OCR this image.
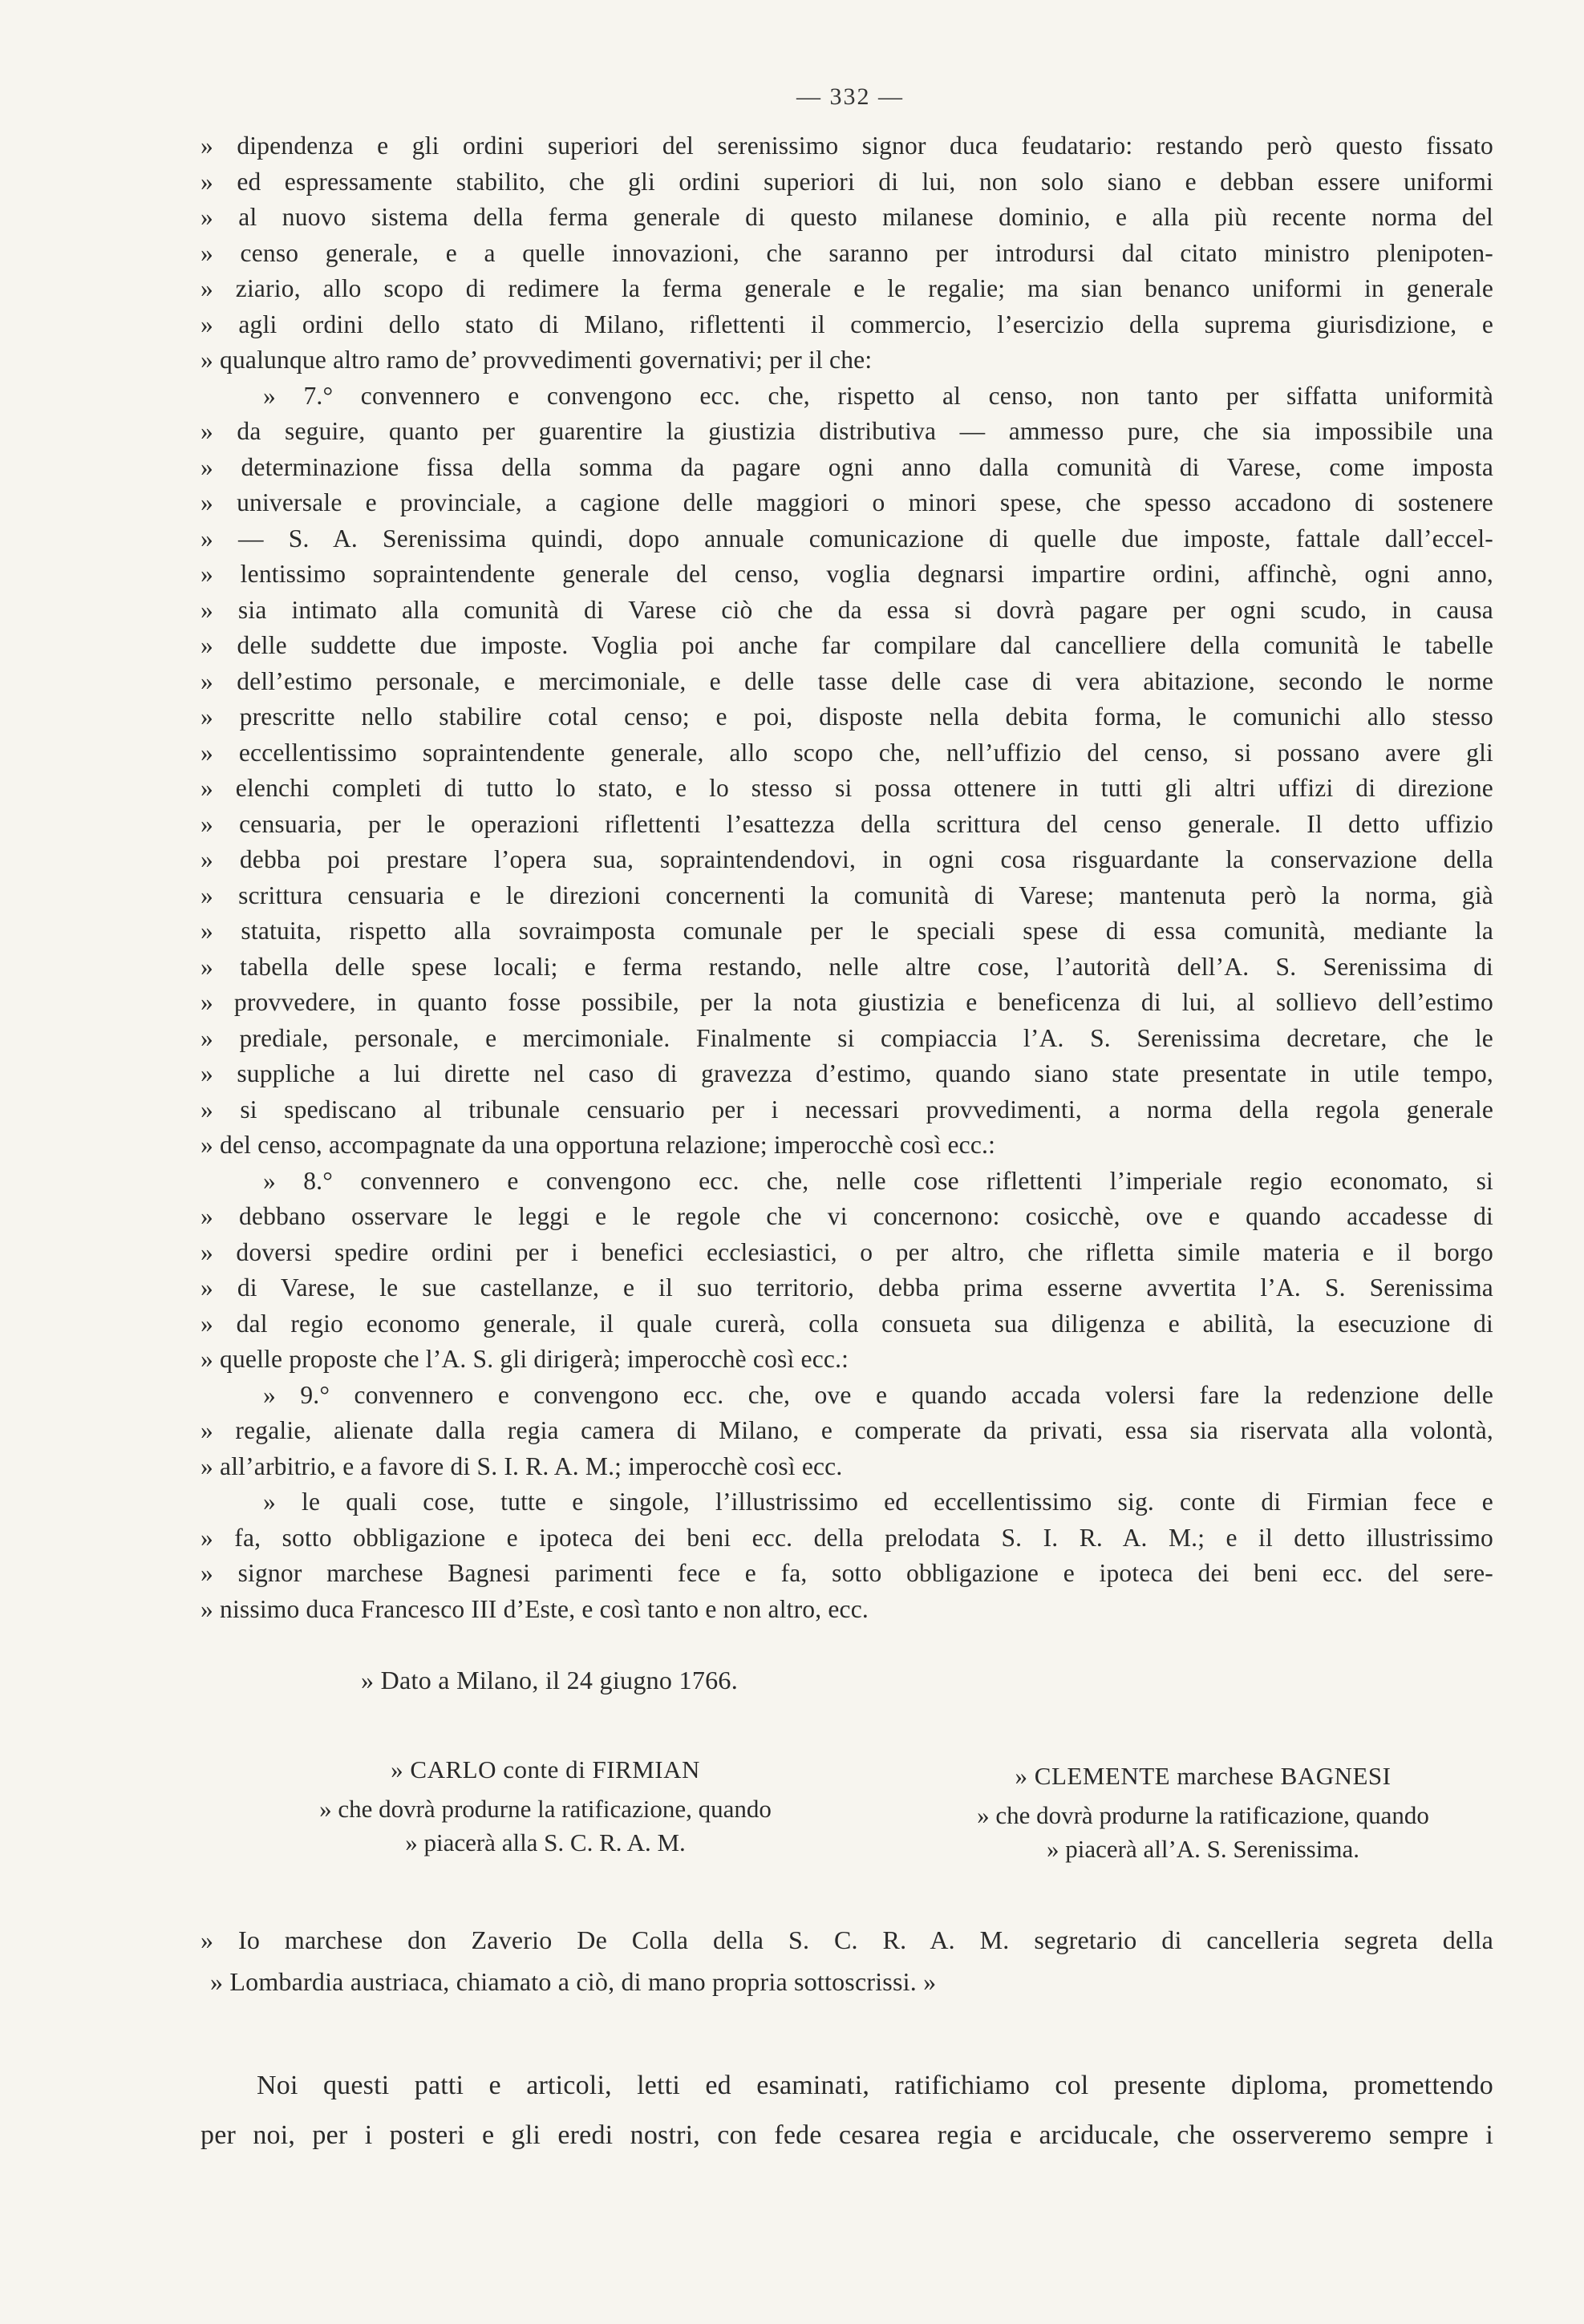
— 332 —
» dipendenza e gli ordini superiori del serenissimo signor duca feudatario: restando però questo fissato
» ed espressamente stabilito, che gli ordini superiori di lui, non solo siano e debban essere uniformi
» al nuovo sistema della ferma generale di questo milanese dominio, e alla più recente norma del
» censo generale, e a quelle innovazioni, che saranno per introdursi dal citato ministro plenipoten-
» ziario, allo scopo di redimere la ferma generale e le regalie; ma sian benanco uniformi in generale
» agli ordini dello stato di Milano, riflettenti il commercio, l’esercizio della suprema giurisdizione, e
» qualunque altro ramo de’ provvedimenti governativi; per il che:
» 7.° convennero e convengono ecc. che, rispetto al censo, non tanto per siffatta uniformità
» da seguire, quanto per guarentire la giustizia distributiva — ammesso pure, che sia impossibile una
» determinazione fissa della somma da pagare ogni anno dalla comunità di Varese, come imposta
» universale e provinciale, a cagione delle maggiori o minori spese, che spesso accadono di sostenere
» — S. A. Serenissima quindi, dopo annuale comunicazione di quelle due imposte, fattale dall’eccel-
» lentissimo sopraintendente generale del censo, voglia degnarsi impartire ordini, affinchè, ogni anno,
» sia intimato alla comunità di Varese ciò che da essa si dovrà pagare per ogni scudo, in causa
» delle suddette due imposte. Voglia poi anche far compilare dal cancelliere della comunità le tabelle
» dell’estimo personale, e mercimoniale, e delle tasse delle case di vera abitazione, secondo le norme
» prescritte nello stabilire cotal censo; e poi, disposte nella debita forma, le comunichi allo stesso
» eccellentissimo sopraintendente generale, allo scopo che, nell’uffizio del censo, si possano avere gli
» elenchi completi di tutto lo stato, e lo stesso si possa ottenere in tutti gli altri uffizi di direzione
» censuaria, per le operazioni riflettenti l’esattezza della scrittura del censo generale. Il detto uffizio
» debba poi prestare l’opera sua, sopraintendendovi, in ogni cosa risguardante la conservazione della
» scrittura censuaria e le direzioni concernenti la comunità di Varese; mantenuta però la norma, già
» statuita, rispetto alla sovraimposta comunale per le speciali spese di essa comunità, mediante la
» tabella delle spese locali; e ferma restando, nelle altre cose, l’autorità dell’A. S. Serenissima di
» provvedere, in quanto fosse possibile, per la nota giustizia e beneficenza di lui, al sollievo dell’estimo
» prediale, personale, e mercimoniale. Finalmente si compiaccia l’A. S. Serenissima decretare, che le
» suppliche a lui dirette nel caso di gravezza d’estimo, quando siano state presentate in utile tempo,
» si spediscano al tribunale censuario per i necessari provvedimenti, a norma della regola generale
» del censo, accompagnate da una opportuna relazione; imperocchè così ecc.:
» 8.° convennero e convengono ecc. che, nelle cose riflettenti l’imperiale regio economato, si
» debbano osservare le leggi e le regole che vi concernono: cosicchè, ove e quando accadesse di
» doversi spedire ordini per i benefici ecclesiastici, o per altro, che rifletta simile materia e il borgo
» di Varese, le sue castellanze, e il suo territorio, debba prima esserne avvertita l’A. S. Serenissima
» dal regio economo generale, il quale curerà, colla consueta sua diligenza e abilità, la esecuzione di
» quelle proposte che l’A. S. gli dirigerà; imperocchè così ecc.:
» 9.° convennero e convengono ecc. che, ove e quando accada volersi fare la redenzione delle
» regalie, alienate dalla regia camera di Milano, e comperate da privati, essa sia riservata alla volontà,
» all’arbitrio, e a favore di S. I. R. A. M.; imperocchè così ecc.
» le quali cose, tutte e singole, l’illustrissimo ed eccellentissimo sig. conte di Firmian fece e
» fa, sotto obbligazione e ipoteca dei beni ecc. della prelodata S. I. R. A. M.; e il detto illustrissimo
» signor marchese Bagnesi parimenti fece e fa, sotto obbligazione e ipoteca dei beni ecc. del sere-
» nissimo duca Francesco III d’Este, e così tanto e non altro, ecc.
» Dato a Milano, il 24 giugno 1766.
» CARLO conte di FIRMIAN
» che dovrà produrne la ratificazione, quando
» piacerà alla S. C. R. A. M.
» CLEMENTE marchese BAGNESI
» che dovrà produrne la ratificazione, quando
» piacerà all’A. S. Serenissima.
» Io marchese don Zaverio De Colla della S. C. R. A. M. segretario di cancelleria segreta della
» Lombardia austriaca, chiamato a ciò, di mano propria sottoscrissi. »
Noi questi patti e articoli, letti ed esaminati, ratifichiamo col presente diploma, promettendo
per noi, per i posteri e gli eredi nostri, con fede cesarea regia e arciducale, che osserveremo sempre i
